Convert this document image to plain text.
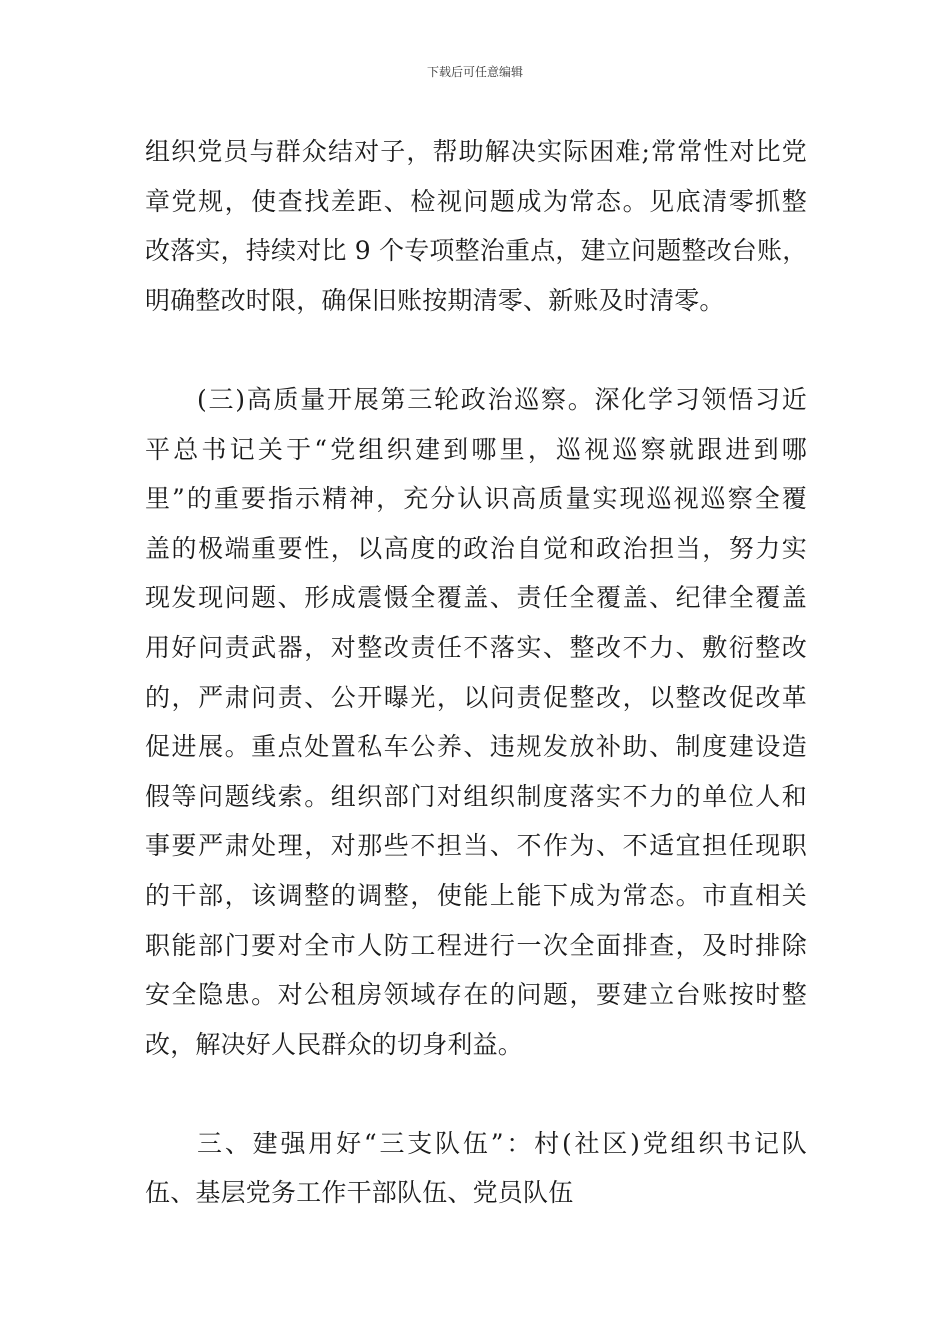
下载后可任意编辑
组织党员与群众结对子，帮助解决实际困难;常常性对比党
章党规，使查找差距、检视问题成为常态。见底清零抓整
改落实，持续对比 9 个专项整治重点，建立问题整改台账，
明确整改时限，确保旧账按期清零、新账及时清零。
(三)高质量开展第三轮政治巡察。深化学习领悟习近
平总书记关于“党组织建到哪里，巡视巡察就跟进到哪
里”的重要指示精神，充分认识高质量实现巡视巡察全覆
盖的极端重要性，以高度的政治自觉和政治担当，努力实
现发现问题、形成震慑全覆盖、责任全覆盖、纪律全覆盖
用好问责武器，对整改责任不落实、整改不力、敷衍整改
的，严肃问责、公开曝光，以问责促整改，以整改促改革
促进展。重点处置私车公养、违规发放补助、制度建设造
假等问题线索。组织部门对组织制度落实不力的单位人和
事要严肃处理，对那些不担当、不作为、不适宜担任现职
的干部，该调整的调整，使能上能下成为常态。市直相关
职能部门要对全市人防工程进行一次全面排查，及时排除
安全隐患。对公租房领域存在的问题，要建立台账按时整
改，解决好人民群众的切身利益。
三、建强用好“三支队伍”：村(社区)党组织书记队
伍、基层党务工作干部队伍、党员队伍
